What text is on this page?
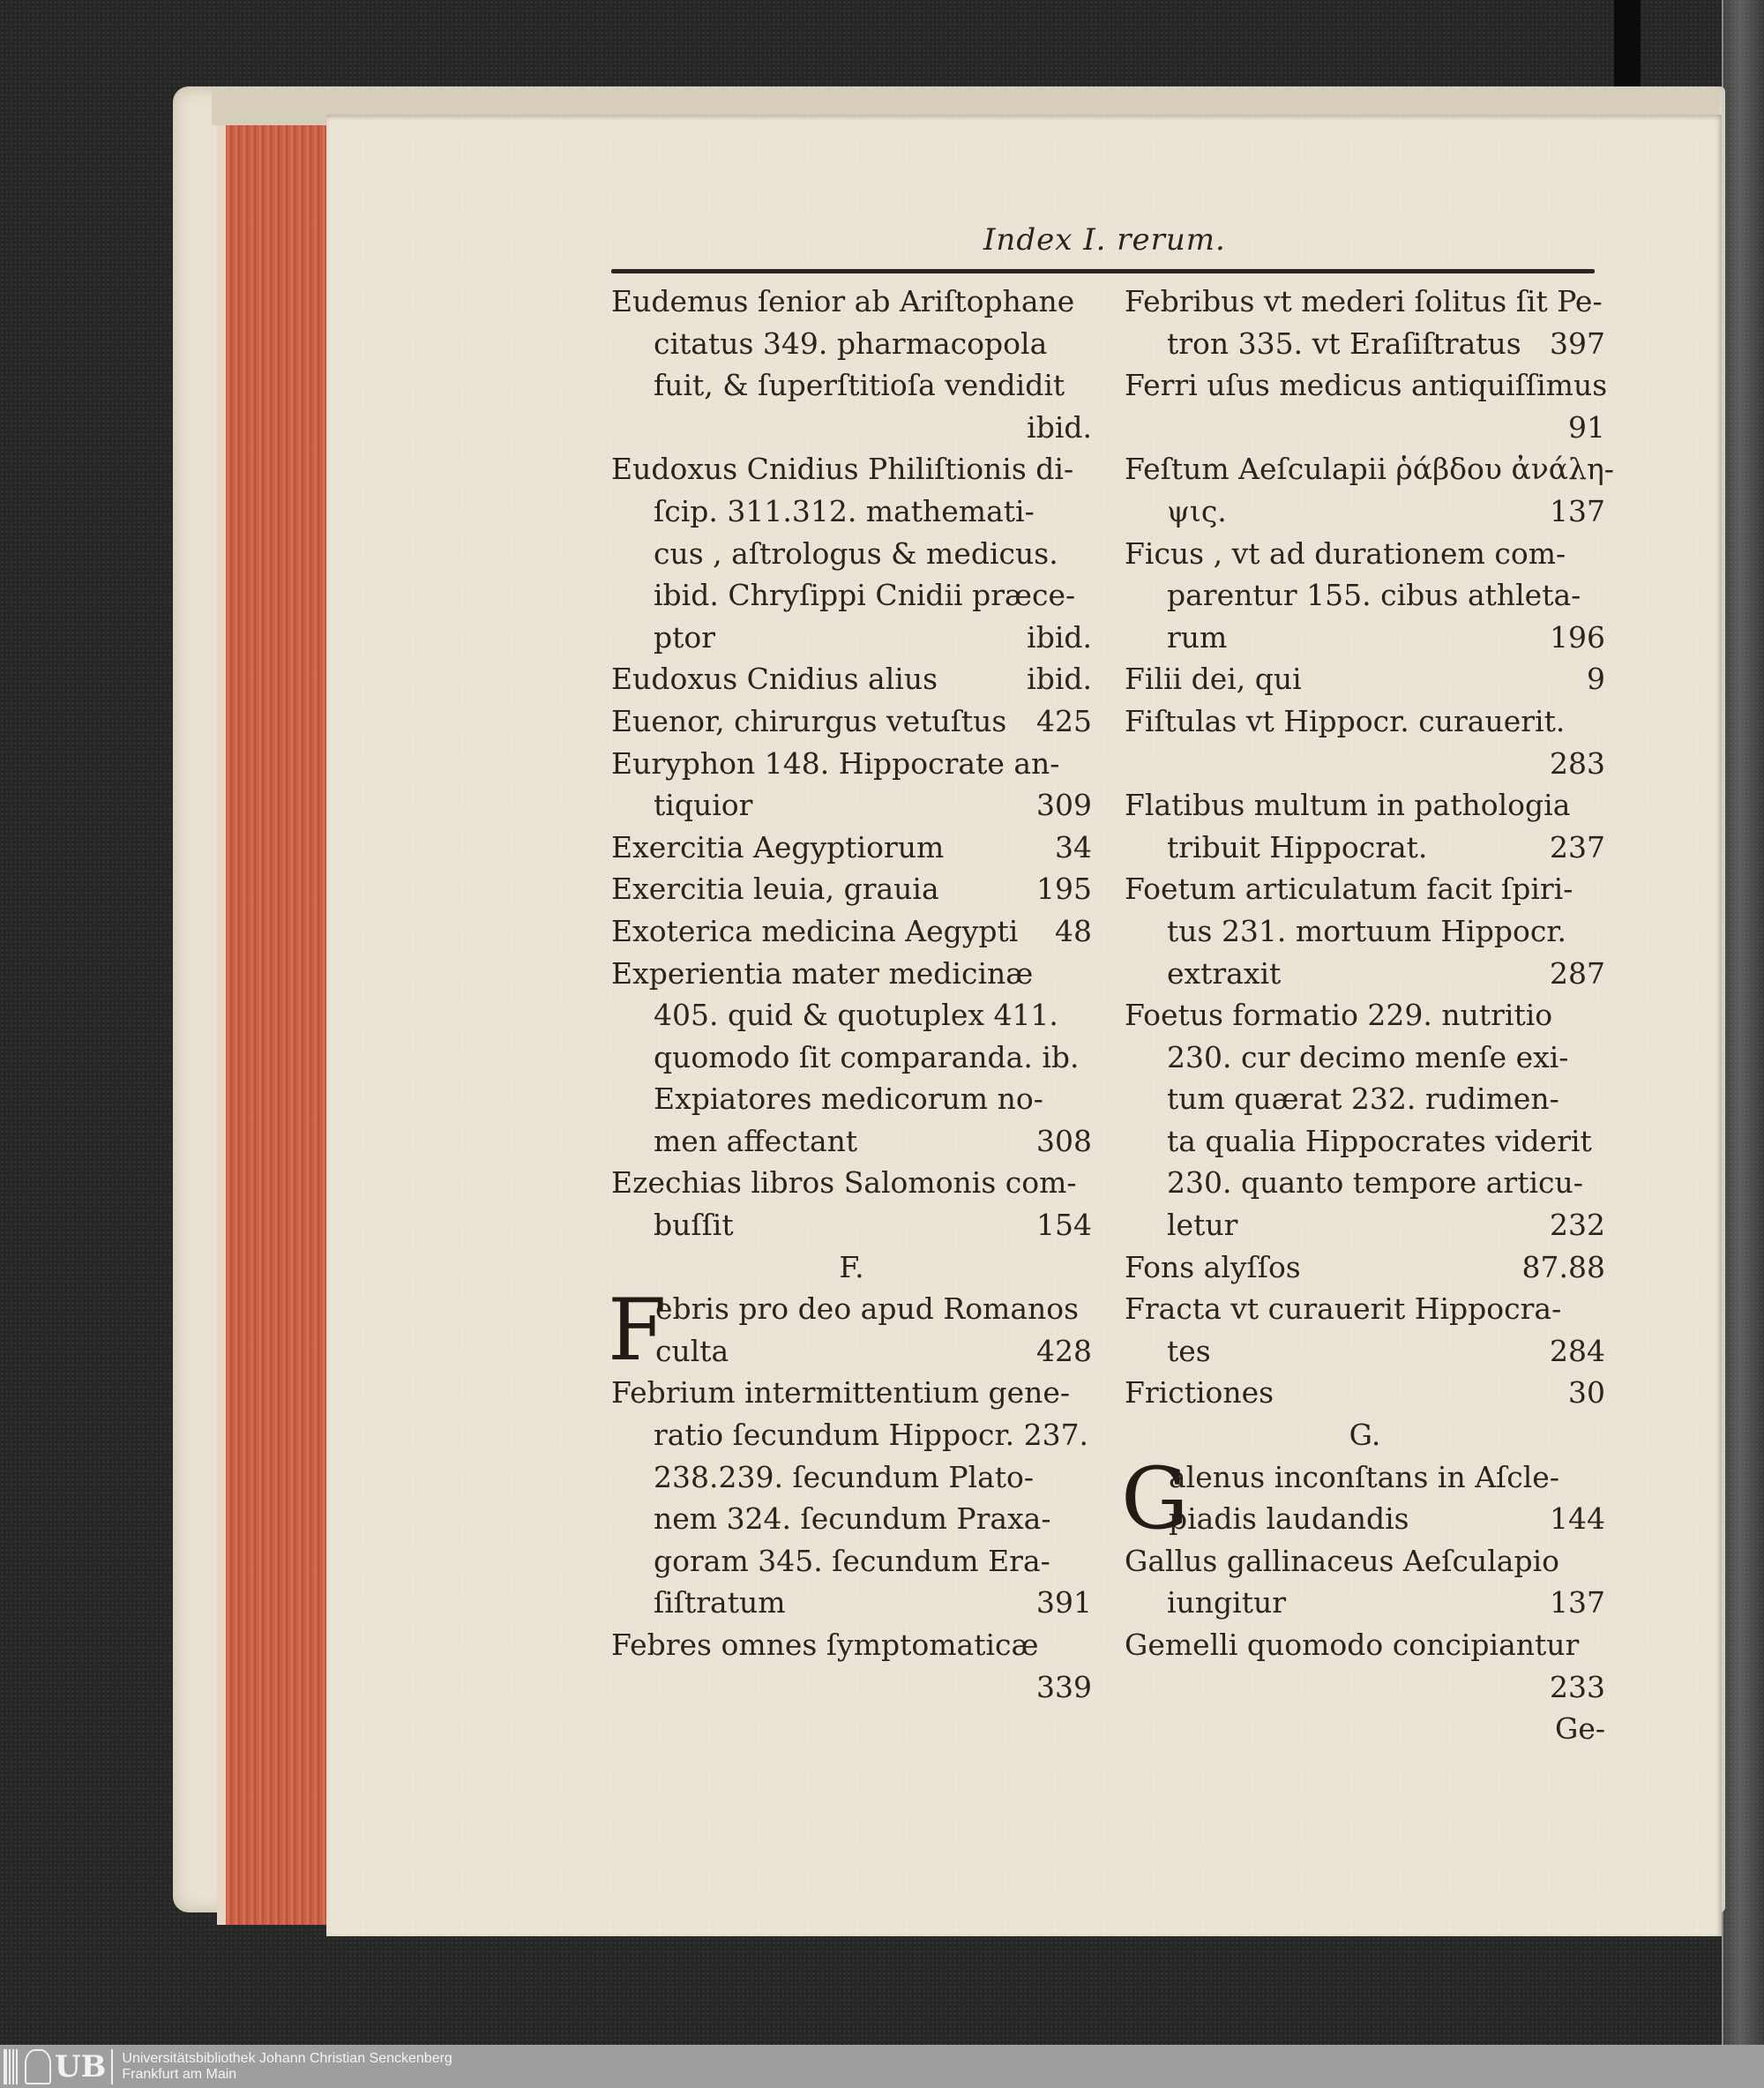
Index I. rerum.
Eudemus ſenior ab Ariſtophane
citatus 349. pharmacopola
fuit, & ſuperſtitioſa vendidit
ibid.
Eudoxus Cnidius Philiſtionis di-
ſcip. 311.312. mathemati-
cus , aſtrologus & medicus.
ibid. Chryſippi Cnidii præce-
ptor	ibid.
Eudoxus Cnidius alius	ibid.
Euenor, chirurgus vetuſtus 425
Euryphon 148. Hippocrate an-
tiquior	309
Exercitia Aegyptiorum	34
Exercitia leuia, grauia	195
Exoterica medicina Aegypti 48
Experientia mater medicinæ
405. quid & quotuplex 411.
quomodo ſit comparanda. ib.
Expiatores medicorum no-
men affectant	308
Ezechias libros Salomonis com-
buſſit	154
F.
F
ebris pro deo apud Romanos
culta	428
Febrium intermittentium gene-
ratio ſecundum Hippocr. 237.
238.239. ſecundum Plato-
nem 324. ſecundum Praxa-
goram 345. ſecundum Era-
ſiſtratum	391
Febres omnes ſymptomaticæ
339
Febribus vt mederi ſolitus ſit Pe-
tron 335. vt Eraſiſtratus 397
Ferri uſus medicus antiquiſſimus
91
Feſtum Aeſculapii ῥάβδου ἀνάλη-
ψις.	137
Ficus , vt ad durationem com-
parentur 155. cibus athleta-
rum	196
Filii dei, qui	9
Fiſtulas vt Hippocr. curauerit.
283
Flatibus multum in pathologia
tribuit Hippocrat.	237
Foetum articulatum facit ſpiri-
tus 231. mortuum Hippocr.
extraxit	287
Foetus formatio 229. nutritio
230. cur decimo menſe exi-
tum quærat 232. rudimen-
ta qualia Hippocrates viderit
230. quanto tempore articu-
letur	232
Fons alyſſos	87.88
Fracta vt curauerit Hippocra-
tes	284
Frictiones	30
G.
G
alenus inconſtans in Aſcle-
piadis laudandis	144
Gallus gallinaceus Aeſculapio
iungitur	137
Gemelli quomodo concipiantur
233
Ge-
UB	Universitätsbibliothek Johann Christian Senckenberg
Frankfurt am Main
